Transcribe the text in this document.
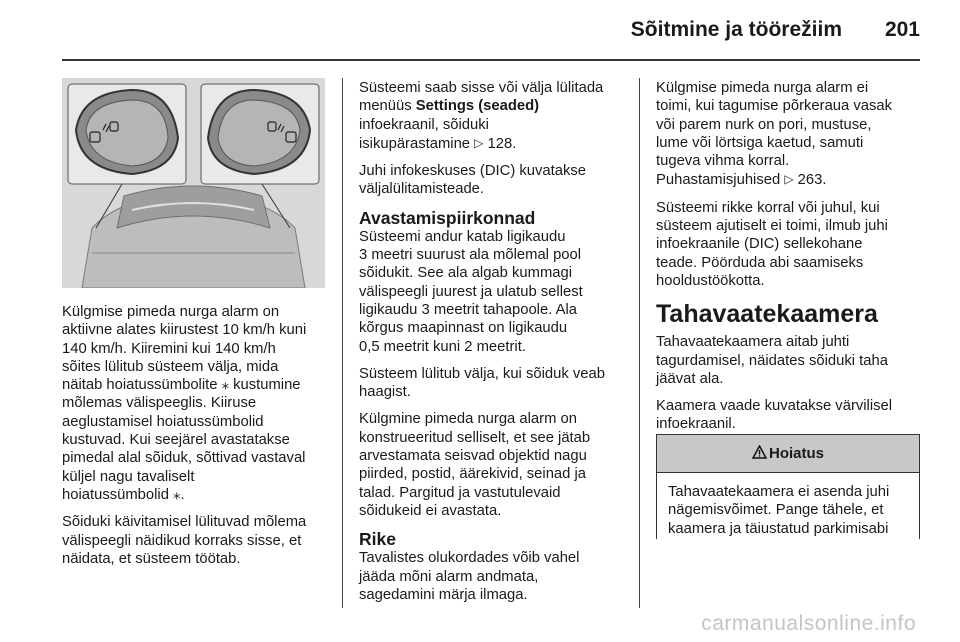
Sõitmine ja töörežiim 201

Külgmise pimeda nurga alarm on
aktiivne alates kiirustest 10 km/h kuni
140 km/h. Kiiremini kui 140 km/h
sõites lülitub süsteem välja, mida
näitab hoiatussümbolite ⁎ kustumine
mõlemas välispeeglis. Kiiruse
aeglustamisel hoiatussümbolid
kustuvad. Kui seejärel avastatakse
pimedal alal sõiduk, sõttivad vastaval
küljel nagu tavaliselt
hoiatussümbolid ⁎.

Sõiduki käivitamisel lülituvad mõlema
välispeegli näidikud korraks sisse, et
näidata, et süsteem töötab.

Süsteemi saab sisse või välja lülitada
menüüs Settings (seaded)
infoekraanil, sõiduki
isikupärastamine ▷ 128.

Juhi infokeskuses (DIC) kuvatakse
väljalülitamisteade.

Avastamispiirkonnad

Süsteemi andur katab ligikaudu
3 meetri suurust ala mõlemal pool
sõidukit. See ala algab kummagi
välispeegli juurest ja ulatub sellest
ligikaudu 3 meetrit tahapoole. Ala
kõrgus maapinnast on ligikaudu
0,5 meetrit kuni 2 meetrit.

Süsteem lülitub välja, kui sõiduk veab
haagist.

Külgmine pimeda nurga alarm on
konstrueeritud selliselt, et see jätab
arvestamata seisvad objektid nagu
piirded, postid, äärekivid, seinad ja
talad. Pargitud ja vastutulevaid
sõidukeid ei avastata.

Rike

Tavalistes olukordades võib vahel
jääda mõni alarm andmata,
sagedamini märja ilmaga.

Külgmise pimeda nurga alarm ei
toimi, kui tagumise põrkeraua vasak
või parem nurk on pori, mustuse,
lume või lörtsiga kaetud, samuti
tugeva vihma korral.
Puhastamisjuhised ▷ 263.

Süsteemi rikke korral või juhul, kui
süsteem ajutiselt ei toimi, ilmub juhi
infoekraanile (DIC) sellekohane
teade. Pöörduda abi saamiseks
hooldustöökotta.

Tahavaatekaamera

Tahavaatekaamera aitab juhti
tagurdamisel, näidates sõiduki taha
jäävat ala.

Kaamera vaade kuvatakse värvilisel
infoekraanil.

Hoiatus
Tahavaatekaamera ei asenda juhi
nägemisvõimet. Pange tähele, et
kaamera ja täiustatud parkimisabi
carmanualsonline.info
